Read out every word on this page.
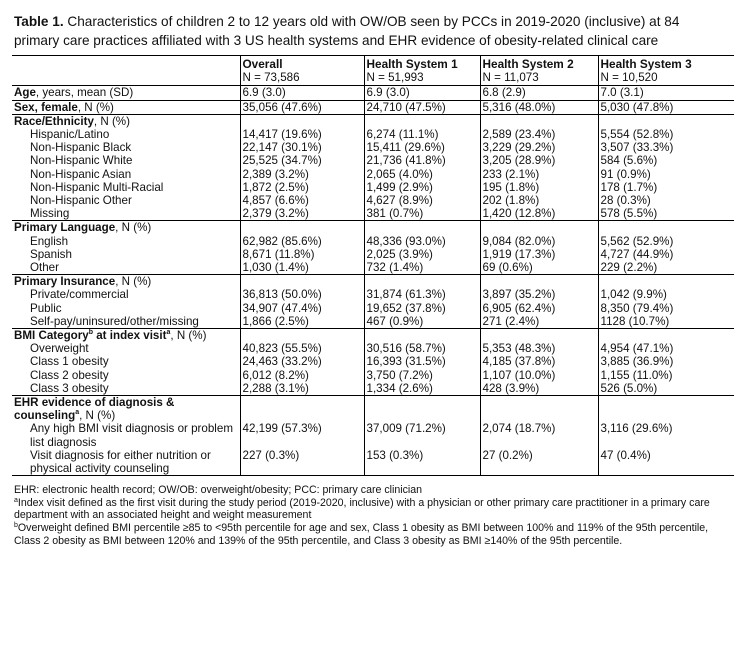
Table 1. Characteristics of children 2 to 12 years old with OW/OB seen by PCCs in 2019-2020 (inclusive) at 84 primary care practices affiliated with 3 US health systems and EHR evidence of obesity-related clinical care
	Overall	Health System 1	Health System 2	Health System 3
	N = 73,586	N = 51,993	N = 11,073	N = 10,520
Age, years, mean (SD)	6.9 (3.0)	6.9 (3.0)	6.8 (2.9)	7.0 (3.1)
Sex, female, N (%)	35,056 (47.6%)	24,710 (47.5%)	5,316 (48.0%)	5,030 (47.8%)
Race/Ethnicity, N (%)				
Hispanic/Latino	14,417 (19.6%)	6,274 (11.1%)	2,589 (23.4%)	5,554 (52.8%)
Non-Hispanic Black	22,147 (30.1%)	15,411 (29.6%)	3,229 (29.2%)	3,507 (33.3%)
Non-Hispanic White	25,525 (34.7%)	21,736 (41.8%)	3,205 (28.9%)	584 (5.6%)
Non-Hispanic Asian	2,389 (3.2%)	2,065 (4.0%)	233 (2.1%)	91 (0.9%)
Non-Hispanic Multi-Racial	1,872 (2.5%)	1,499 (2.9%)	195 (1.8%)	178 (1.7%)
Non-Hispanic Other	4,857 (6.6%)	4,627 (8.9%)	202 (1.8%)	28 (0.3%)
Missing	2,379 (3.2%)	381 (0.7%)	1,420 (12.8%)	578 (5.5%)
Primary Language, N (%)				
English	62,982 (85.6%)	48,336 (93.0%)	9,084 (82.0%)	5,562 (52.9%)
Spanish	8,671 (11.8%)	2,025 (3.9%)	1,919 (17.3%)	4,727 (44.9%)
Other	1,030 (1.4%)	732 (1.4%)	69 (0.6%)	229 (2.2%)
Primary Insurance, N (%)				
Private/commercial	36,813 (50.0%)	31,874 (61.3%)	3,897 (35.2%)	1,042 (9.9%)
Public	34,907 (47.4%)	19,652 (37.8%)	6,905 (62.4%)	8,350 (79.4%)
Self-pay/uninsured/other/missing	1,866 (2.5%)	467 (0.9%)	271 (2.4%)	1128 (10.7%)
BMI Category$^b$ at index visit$^a$, N (%)				
Overweight	40,823 (55.5%)	30,516 (58.7%)	5,353 (48.3%)	4,954 (47.1%)
Class 1 obesity	24,463 (33.2%)	16,393 (31.5%)	4,185 (37.8%)	3,885 (36.9%)
Class 2 obesity	6,012 (8.2%)	3,750 (7.2%)	1,107 (10.0%)	1,155 (11.0%)
Class 3 obesity	2,288 (3.1%)	1,334 (2.6%)	428 (3.9%)	526 (5.0%)
EHR evidence of diagnosis & counseling$^a$, N (%)				
Any high BMI visit diagnosis or problem list diagnosis	42,199 (57.3%)	37,009 (71.2%)	2,074 (18.7%)	3,116 (29.6%)
Visit diagnosis for either nutrition or physical activity counseling	227 (0.3%)	153 (0.3%)	27 (0.2%)	47 (0.4%)

EHR: electronic health record; OW/OB: overweight/obesity; PCC: primary care clinician

$^a$Index visit defined as the first visit during the study period (2019-2020, inclusive) with a physician or other primary care practitioner in a primary care department with an associated height and weight measurement

$^b$Overweight defined BMI percentile ≥85 to <95th percentile for age and sex, Class 1 obesity as BMI between 100% and 119% of the 95th percentile, Class 2 obesity as BMI between 120% and 139% of the 95th percentile, and Class 3 obesity as BMI ≥140% of the 95th percentile.
